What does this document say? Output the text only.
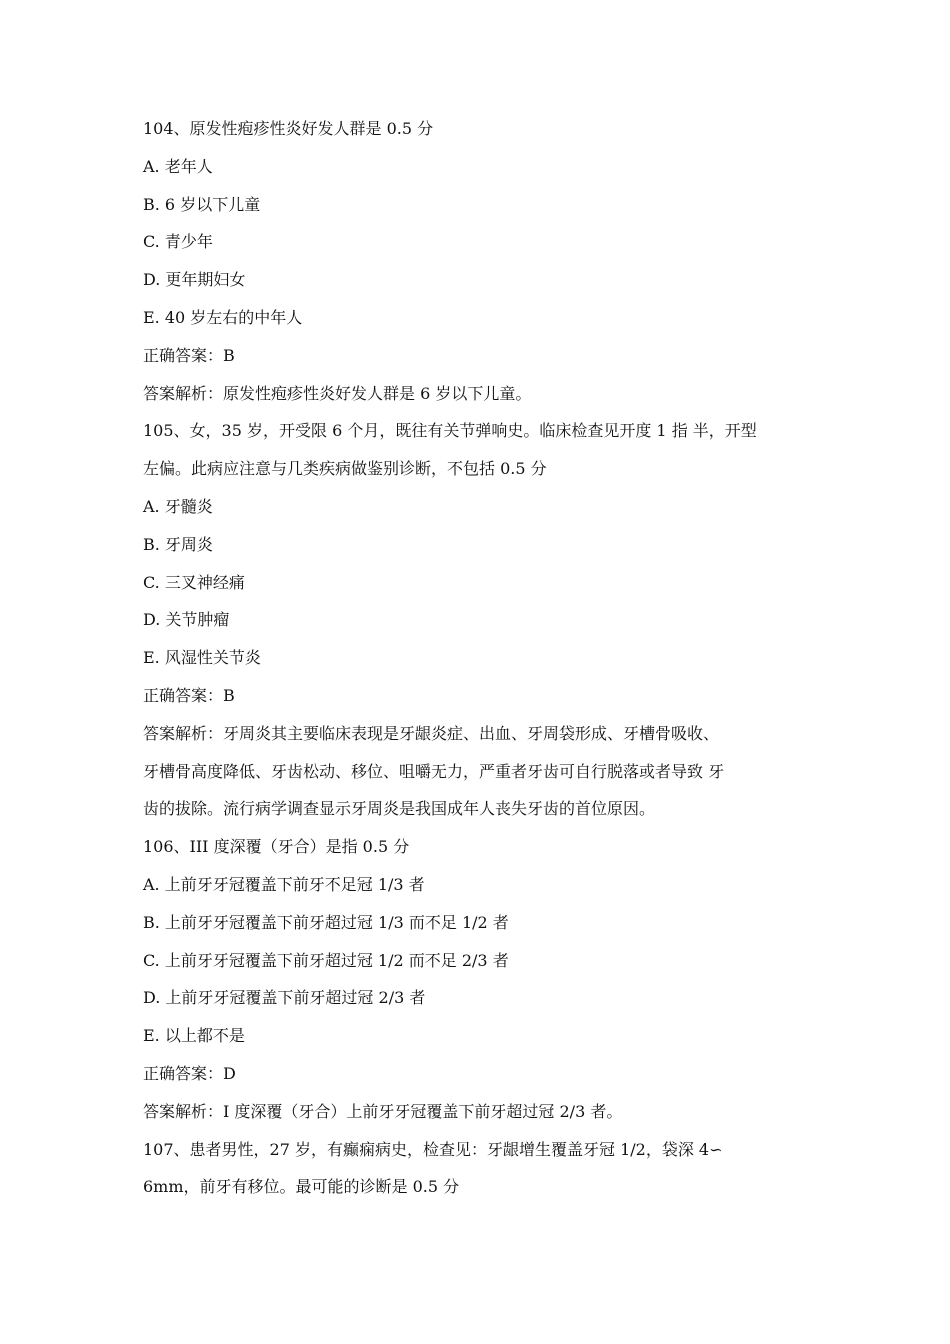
104、原发性疱疹性炎好发人群是 0.5 分
A. 老年人
B. 6 岁以下儿童
C. 青少年
D. 更年期妇女
E. 40 岁左右的中年人
正确答案：B
答案解析：原发性疱疹性炎好发人群是 6 岁以下儿童。
105、女，35 岁，开受限 6 个月，既往有关节弹响史。临床检查见开度 1 指 半，开型
左偏。此病应注意与几类疾病做鉴别诊断，不包括 0.5 分
A. 牙髓炎
B. 牙周炎
C. 三叉神经痛
D. 关节肿瘤
E. 风湿性关节炎
正确答案：B
答案解析：牙周炎其主要临床表现是牙龈炎症、出血、牙周袋形成、牙槽骨吸收、
牙槽骨高度降低、牙齿松动、移位、咀嚼无力，严重者牙齿可自行脱落或者导致 牙
齿的拔除。流行病学调查显示牙周炎是我国成年人丧失牙齿的首位原因。
106、III 度深覆（牙合）是指 0.5 分
A. 上前牙牙冠覆盖下前牙不足冠 1/3 者
B. 上前牙牙冠覆盖下前牙超过冠 1/3 而不足 1/2 者
C. 上前牙牙冠覆盖下前牙超过冠 1/2 而不足 2/3 者
D. 上前牙牙冠覆盖下前牙超过冠 2/3 者
E. 以上都不是
正确答案：D
答案解析：I 度深覆（牙合）上前牙牙冠覆盖下前牙超过冠 2/3 者。
107、患者男性，27 岁，有癫痫病史，检查见：牙龈增生覆盖牙冠 1/2，袋深 4∽
6mm，前牙有移位。最可能的诊断是 0.5 分
